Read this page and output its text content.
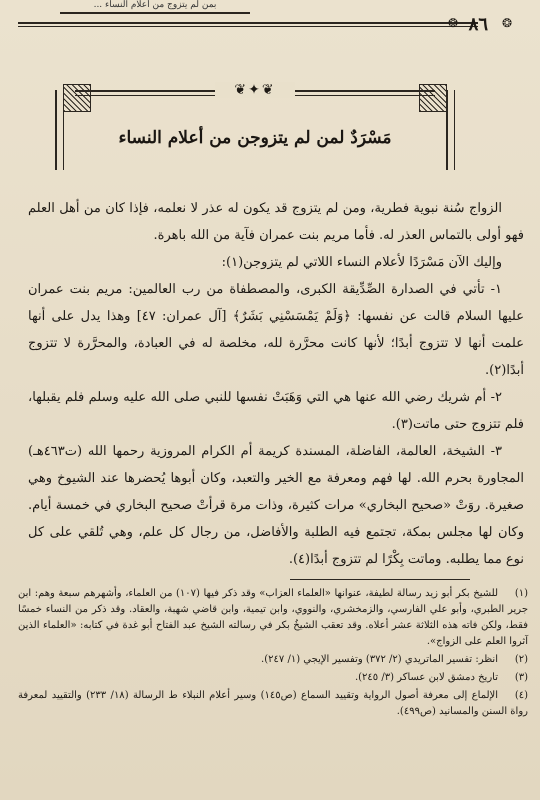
... بمن لم يتزوج من أعلام النساء
❂
❂ ٨٦
❦✦❦
مَسْرَدٌ لمن لم يتزوجن من أعلام النساء

الزواج سُنة نبوية فطرية، ومن لم يتزوج قد يكون له عذر لا نعلمه، فإذا كان من أهل العلم فهو أولى بالتماس العذر له. فأما مريم بنت عمران فآية من الله باهرة.

وإليك الآن مَسْرَدًا لأعلام النساء اللاتي لم يتزوجن(١):

١- تأتي في الصدارة الصِّدِّيقة الكبرى، والمصطفاة من رب العالمين: مريم بنت عمران عليها السلام قالت عن نفسها: ﴿وَلَمْ يَمْسَسْنِي بَشَرٌ﴾ [آل عمران: ٤٧] وهذا يدل على أنها علمت أنها لا تتزوج أبدًا؛ لأنها كانت محرَّرة لله، مخلصة له في العبادة، والمحرَّرة لا تتزوج أبدًا(٢).

٢- أم شريك رضي الله عنها هي التي وَهَبَتْ نفسها للنبي صلى الله عليه وسلم فلم يقبلها، فلم تتزوج حتى ماتت(٣).

٣- الشيخة، العالمة، الفاضلة، المسندة كريمة أم الكرام المروزية رحمها الله (ت٤٦٣هـ) المجاورة بحرم الله. لها فهم ومعرفة مع الخير والتعبد، وكان أبوها يُحضرها عند الشيوخ وهي صغيرة. روَتْ «صحيح البخاري» مرات كثيرة، وذات مرة قرأتْ صحيح البخاري في خمسة أيام. وكان لها مجلس بمكة، تجتمع فيه الطلبة والأفاضل، من رجال كل علم، وهي تُلقي على كل نوع مما يطلبه. وماتت بِكْرًا لم تتزوج أبدًا(٤).

(١)للشيخ بكر أبو زيد رسالة لطيفة، عنوانها «العلماء العزاب» وقد ذكر فيها (١٠٧) من العلماء، وأشهرهم سبعة وهم: ابن جرير الطبري، وأبو علي الفارسي، والزمخشري، والنووي، وابن تيمية، وابن قاضي شهبة، والعقاد. وقد ذكر من النساء خمسًا فقط، ولكن فاته هذه الثلاثة عشر أعلاه. وقد تعقب الشيخُ بكر في رسالته الشيخ عبد الفتاح أبو غدة في كتابه: «العلماء الذين آثروا العلم على الزواج».

(٢)انظر: تفسير الماتريدي (٢/ ٣٧٢) وتفسير الإيجي (١/ ٢٤٧).

(٣)تاريخ دمشق لابن عساكر (٣/ ٢٤٥).

(٤)الإلماع إلى معرفة أصول الرواية وتقييد السماع (ص١٤٥) وسير أعلام النبلاء ط الرسالة (١٨/ ٢٣٣) والتقييد لمعرفة رواة السنن والمسانيد (ص٤٩٩).
